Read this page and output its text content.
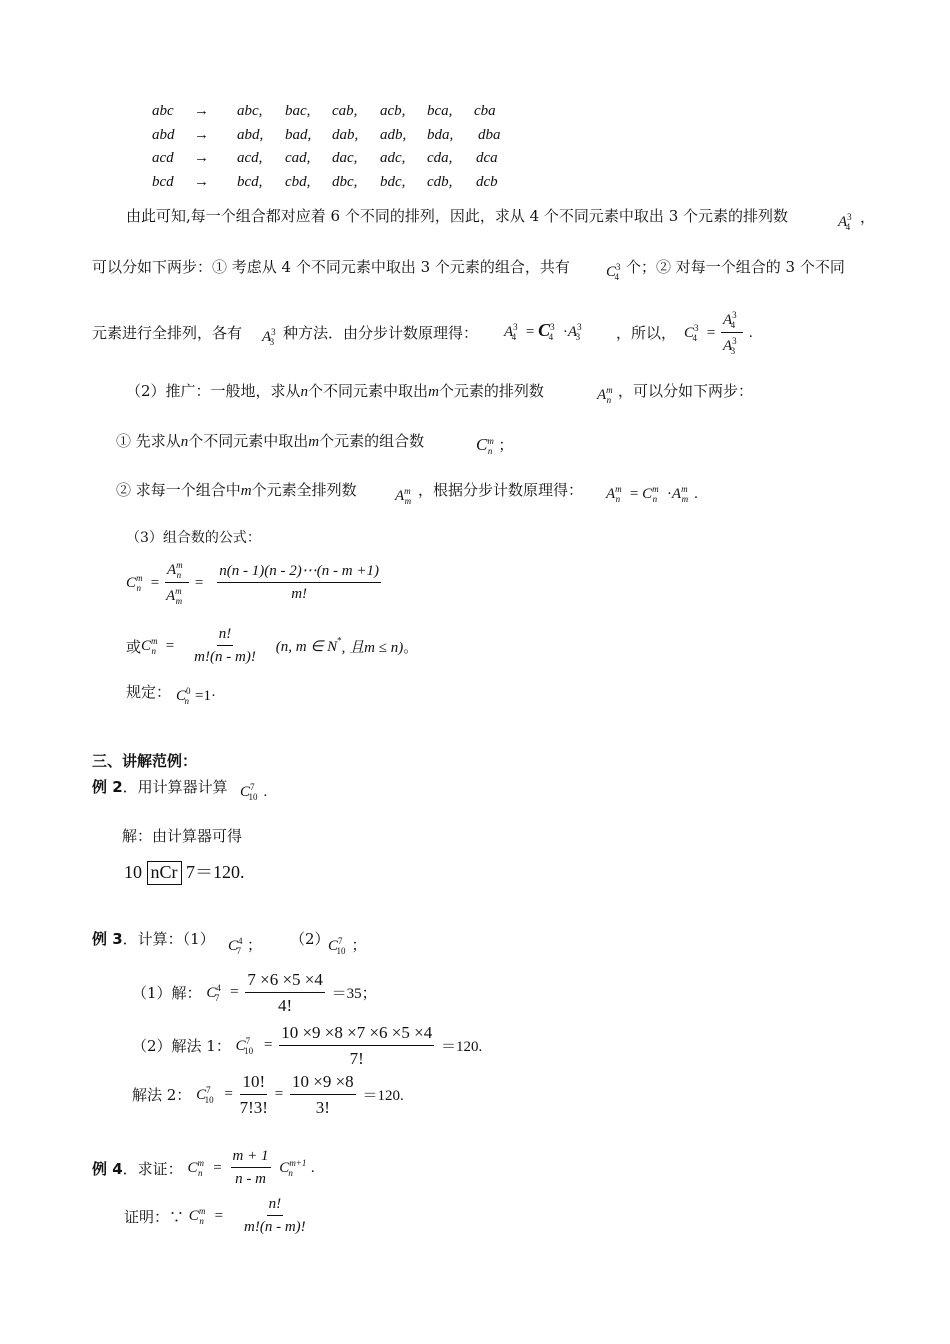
abc → abc, bac, cab, acb, bca, cba
abd → abd, bad, dab, adb, bda, dba
acd → acd, cad, dac, adc, cda, dca
bcd → bcd, cbd, dbc, bdc, cdb, dcb
由此可知,每一个组合都对应着 6 个不同的排列，因此，求从 4 个不同元素中取出 3 个元素的排列数	$A^3_4$
，
可以分如下两步：① 考虑从 4 个不同元素中取出 3 个元素的组合，共有 $C^3_4$
个；② 对每一个组合的 3 个不同
元素进行全排列，各有 $A^3_3$ 种方法．由分步计数原理得： $A^3_4 = C^3_4 \cdot A^3_3$	，所以， $C^3_4 = \frac{A^3_4}{A^3_3}$ .
（2）推广：一般地，求从n个不同元素中取出m个元素的排列数	$A^m_n$ ，可以分如下两步：
① 先求从n个不同元素中取出m个元素的组合数	$C^m_n$ ；
② 求每一个组合中m个元素全排列数	$A^m_m$
，根据分步计数原理得： $A^m_n = C^m_n \cdot A^m_m$ .
（3）组合数的公式：
$C^m_n = \frac{A^m_n}{A^m_m} = \frac{n(n - 1)(n - 2)\cdots(n - m +1)}{m!}$
或$C^m_n = \frac{n!}{m!(n - m)!} (n$, m ∈ N*, 且m ≤ n)。
规定： $C^0_n =1\cdot$
三、讲解范例：
例 2．用计算器计算 $C^7_{10}$ .
解：由计算器可得
10 nCr 7＝120.
例 3．计算：（1） $C^4_7$ ； （2）
$C^7_{10}$ ；
（1）解： $C^4_7 = \frac{7 \times 6 \times 5 \times 4}{4!} =35$；
（2）解法 1： $C^7_{10} = \frac{10 \times 9 \times 8 \times 7 \times 6 \times 5 \times 4}{7!} =120$.
解法 2： $C^7_{10} = \frac{10!}{7!3!} = \frac{10 \times 9 \times 8}{3!} =120$.
例 4．求证： $C^m_n = \frac{m + 1}{n - m} C^{m+1}_n$ .
证明：∵ $C^m_n = \frac{n!}{m!(n - m)!}$
